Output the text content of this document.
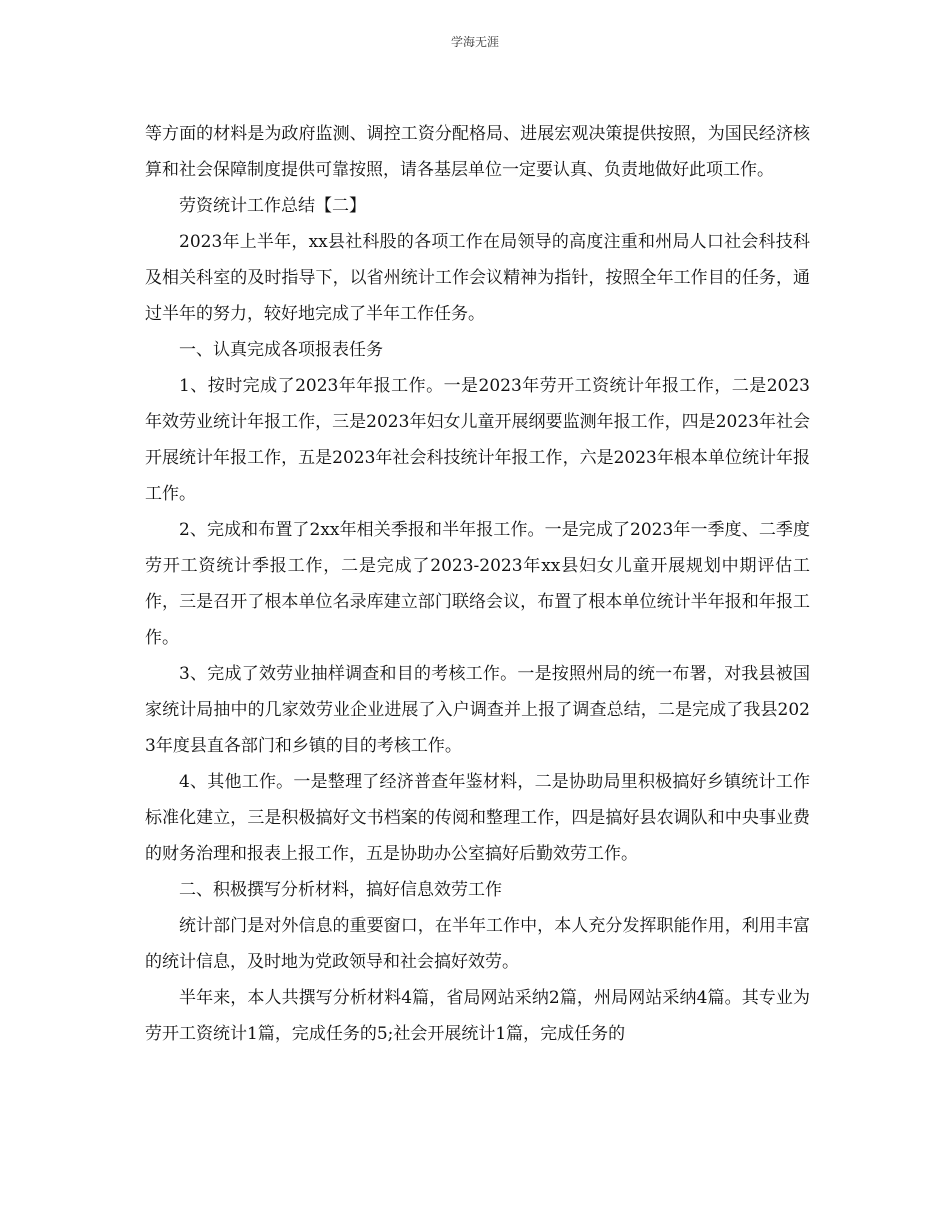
学海无涯

等方面的材料是为政府监测、调控工资分配格局、进展宏观决策提供按照，为国民经济核算和社会保障制度提供可靠按照，请各基层单位一定要认真、负责地做好此项工作。

劳资统计工作总结【二】

2023年上半年，xx县社科股的各项工作在局领导的高度注重和州局人口社会科技科及相关科室的及时指导下，以省州统计工作会议精神为指针，按照全年工作目的任务，通过半年的努力，较好地完成了半年工作任务。

一、认真完成各项报表任务

1、按时完成了2023年年报工作。一是2023年劳开工资统计年报工作，二是2023年效劳业统计年报工作，三是2023年妇女儿童开展纲要监测年报工作，四是2023年社会开展统计年报工作，五是2023年社会科技统计年报工作，六是2023年根本单位统计年报工作。

2、完成和布置了2xx年相关季报和半年报工作。一是完成了2023年一季度、二季度劳开工资统计季报工作，二是完成了2023-2023年xx县妇女儿童开展规划中期评估工作，三是召开了根本单位名录库建立部门联络会议，布置了根本单位统计半年报和年报工作。

3、完成了效劳业抽样调查和目的考核工作。一是按照州局的统一布署，对我县被国家统计局抽中的几家效劳业企业进展了入户调查并上报了调查总结，二是完成了我县2023年度县直各部门和乡镇的目的考核工作。

4、其他工作。一是整理了经济普查年鉴材料，二是协助局里积极搞好乡镇统计工作标准化建立，三是积极搞好文书档案的传阅和整理工作，四是搞好县农调队和中央事业费的财务治理和报表上报工作，五是协助办公室搞好后勤效劳工作。

二、积极撰写分析材料，搞好信息效劳工作

统计部门是对外信息的重要窗口，在半年工作中，本人充分发挥职能作用，利用丰富的统计信息，及时地为党政领导和社会搞好效劳。

半年来，本人共撰写分析材料4篇，省局网站采纳2篇，州局网站采纳4篇。其专业为劳开工资统计1篇，完成任务的5;社会开展统计1篇，完成任务的
